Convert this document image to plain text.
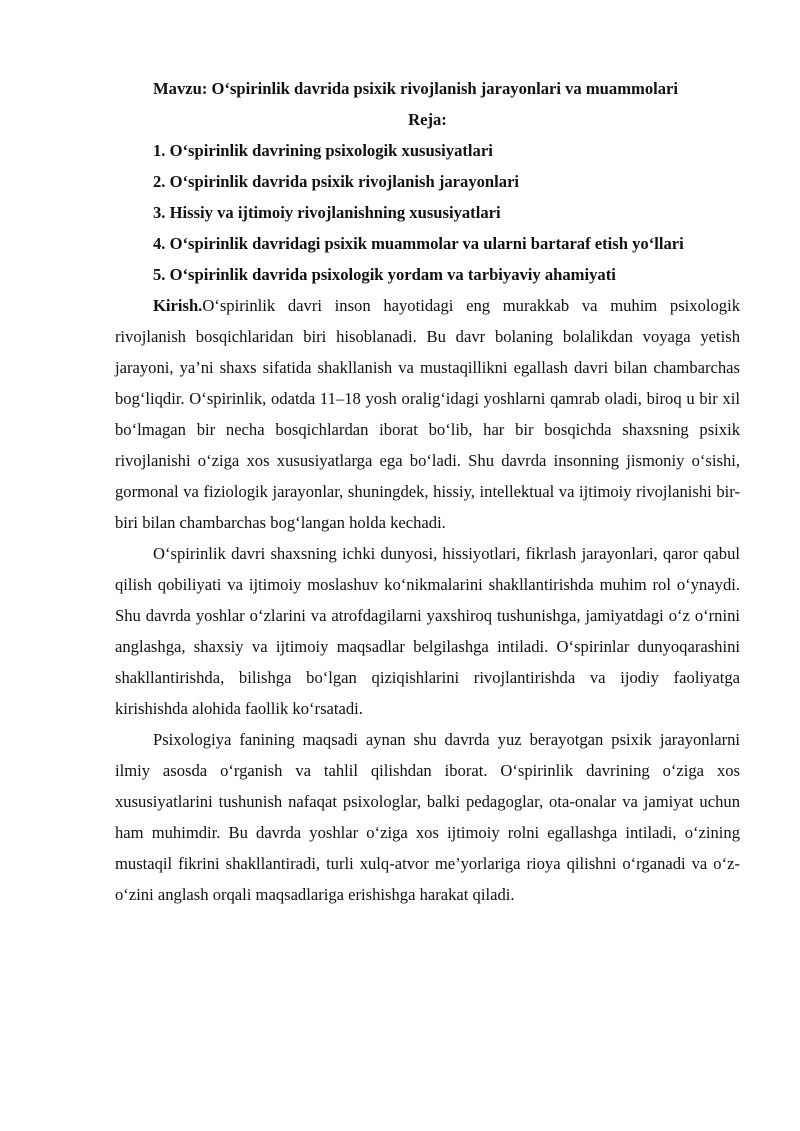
Mavzu: O‘spirinlik davrida psixik rivojlanish jarayonlari va muammolari

Reja:

1. O‘spirinlik davrining psixologik xususiyatlari

2. O‘spirinlik davrida psixik rivojlanish jarayonlari

3. Hissiy va ijtimoiy rivojlanishning xususiyatlari

4. O‘spirinlik davridagi psixik muammolar va ularni bartaraf etish yo‘llari

5. O‘spirinlik davrida psixologik yordam va tarbiyaviy ahamiyati

Kirish.O‘spirinlik davri inson hayotidagi eng murakkab va muhim psixologik rivojlanish bosqichlaridan biri hisoblanadi. Bu davr bolaning bolalikdan voyaga yetish jarayoni, ya’ni shaxs sifatida shakllanish va mustaqillikni egallash davri bilan chambarchas bog‘liqdir. O‘spirinlik, odatda 11–18 yosh oralig‘idagi yoshlarni qamrab oladi, biroq u bir xil bo‘lmagan bir necha bosqichlardan iborat bo‘lib, har bir bosqichda shaxsning psixik rivojlanishi o‘ziga xos xususiyatlarga ega bo‘ladi. Shu davrda insonning jismoniy o‘sishi, gormonal va fiziologik jarayonlar, shuningdek, hissiy, intellektual va ijtimoiy rivojlanishi bir-biri bilan chambarchas bog‘langan holda kechadi.

O‘spirinlik davri shaxsning ichki dunyosi, hissiyotlari, fikrlash jarayonlari, qaror qabul qilish qobiliyati va ijtimoiy moslashuv ko‘nikmalarini shakllantirishda muhim rol o‘ynaydi. Shu davrda yoshlar o‘zlarini va atrofdagilarni yaxshiroq tushunishga, jamiyatdagi o‘z o‘rnini anglashga, shaxsiy va ijtimoiy maqsadlar belgilashga intiladi. O‘spirinlar dunyoqarashini shakllantirishda, bilishga bo‘lgan qiziqishlarini rivojlantirishda va ijodiy faoliyatga kirishishda alohida faollik ko‘rsatadi.

Psixologiya fanining maqsadi aynan shu davrda yuz berayotgan psixik jarayonlarni ilmiy asosda o‘rganish va tahlil qilishdan iborat. O‘spirinlik davrining o‘ziga xos xususiyatlarini tushunish nafaqat psixologlar, balki pedagoglar, ota-onalar va jamiyat uchun ham muhimdir. Bu davrda yoshlar o‘ziga xos ijtimoiy rolni egallashga intiladi, o‘zining mustaqil fikrini shakllantiradi, turli xulq-atvor me’yorlariga rioya qilishni o‘rganadi va o‘z-o‘zini anglash orqali maqsadlariga erishishga harakat qiladi.
